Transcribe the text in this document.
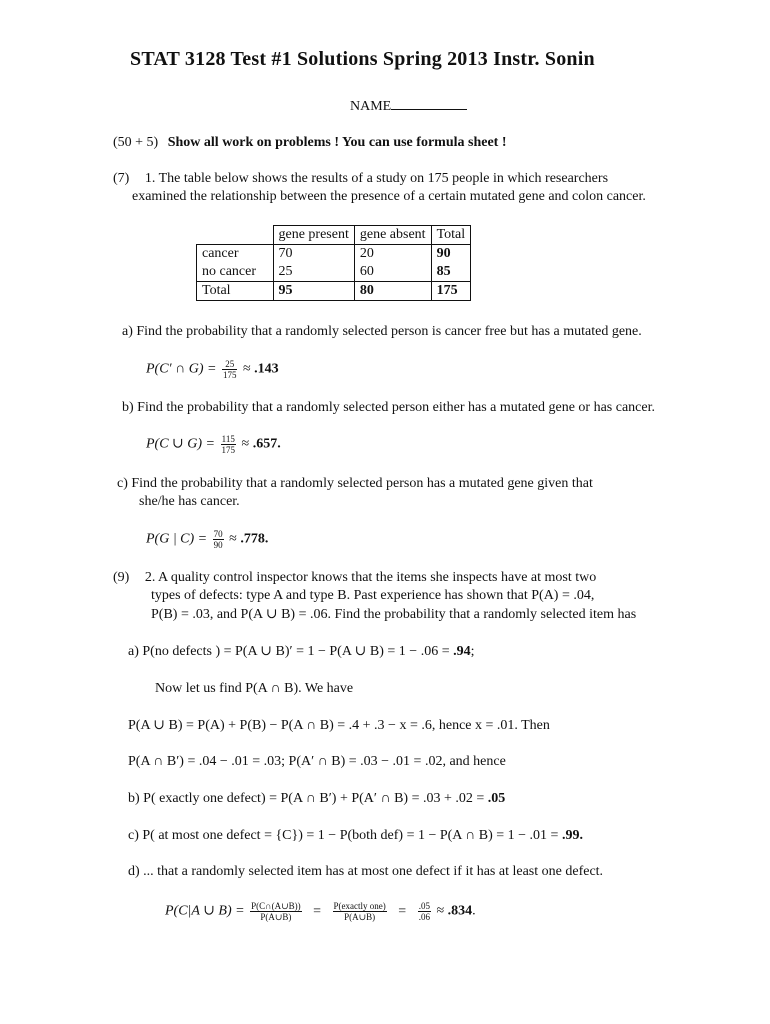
STAT 3128 Test #1 Solutions Spring 2013 Instr. Sonin
NAME
(50 + 5) Show all work on problems ! You can use formula sheet !
(7) 1. The table below shows the results of a study on 175 people in which researchers
examined the relationship between the presence of a certain mutated gene and colon cancer.
	gene present	gene absent	Total
cancer	70	20	90
no cancer	25	60	85
Total	95	80	175
a) Find the probability that a randomly selected person is cancer free but has a mutated gene.
P(C′ ∩ $G) = \frac{25}{175} \approx .143$
b) Find the probability that a randomly selected person either has a mutated gene or has cancer.
P(C ∪ $G) = \frac{115}{175} \approx .657$.
c) Find the probability that a randomly selected person has a mutated gene given that
she/he has cancer.
P(G | $C) = \frac{70}{90} \approx .778$.
(9) 2. A quality control inspector knows that the items she inspects have at most two
types of defects: type A and type B. Past experience has shown that P(A) = .04,
P(B) = .03, and P(A ∪ B) = .06. Find the probability that a randomly selected item has
a) P(no defects ) = P(A ∪ B)′ = 1 − P(A ∪ B) = 1 − .06 = .94;
Now let us find P(A ∩ B). We have
P(A ∪ B) = P(A) + P(B) − P(A ∩ B) = .4 + .3 − x = .6, hence x = .01. Then
P(A ∩ B′) = .04 − .01 = .03; P(A′ ∩ B) = .03 − .01 = .02, and hence
b) P( exactly one defect) = P(A ∩ B′) + P(A′ ∩ B) = .03 + .02 = .05
c) P( at most one defect = {C}) = 1 − P(both def) = 1 − P(A ∩ B) = 1 − .01 = .99.
d) ... that a randomly selected item has at most one defect if it has at least one defect.
P(C|A ∪ $B) = \frac{P(C\cap(A\cup B))}{P(A\cup B)} = \frac{\text{P(exactly one)}}{P(A\cup B)} = \frac{.05}{.06} \approx .834$.
